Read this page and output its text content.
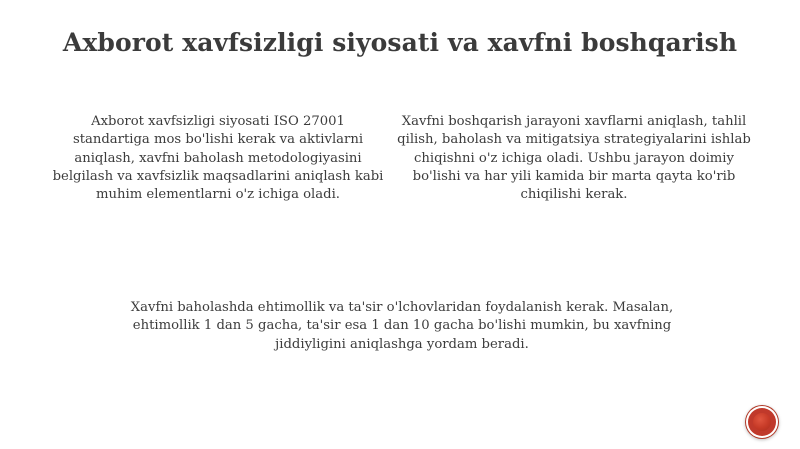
Axborot xavfsizligi siyosati va xavfni boshqarish
Axborot xavfsizligi siyosati ISO 27001 standartiga mos bo'lishi kerak va aktivlarni aniqlash, xavfni baholash metodologiyasini belgilash va xavfsizlik maqsadlarini aniqlash kabi muhim elementlarni o'z ichiga oladi.
Xavfni boshqarish jarayoni xavflarni aniqlash, tahlil qilish, baholash va mitigatsiya strategiyalarini ishlab chiqishni o'z ichiga oladi. Ushbu jarayon doimiy bo'lishi va har yili kamida bir marta qayta ko'rib chiqilishi kerak.
Xavfni baholashda ehtimollik va ta'sir o'lchovlaridan foydalanish kerak. Masalan, ehtimollik 1 dan 5 gacha, ta'sir esa 1 dan 10 gacha bo'lishi mumkin, bu xavfning jiddiyligini aniqlashga yordam beradi.
